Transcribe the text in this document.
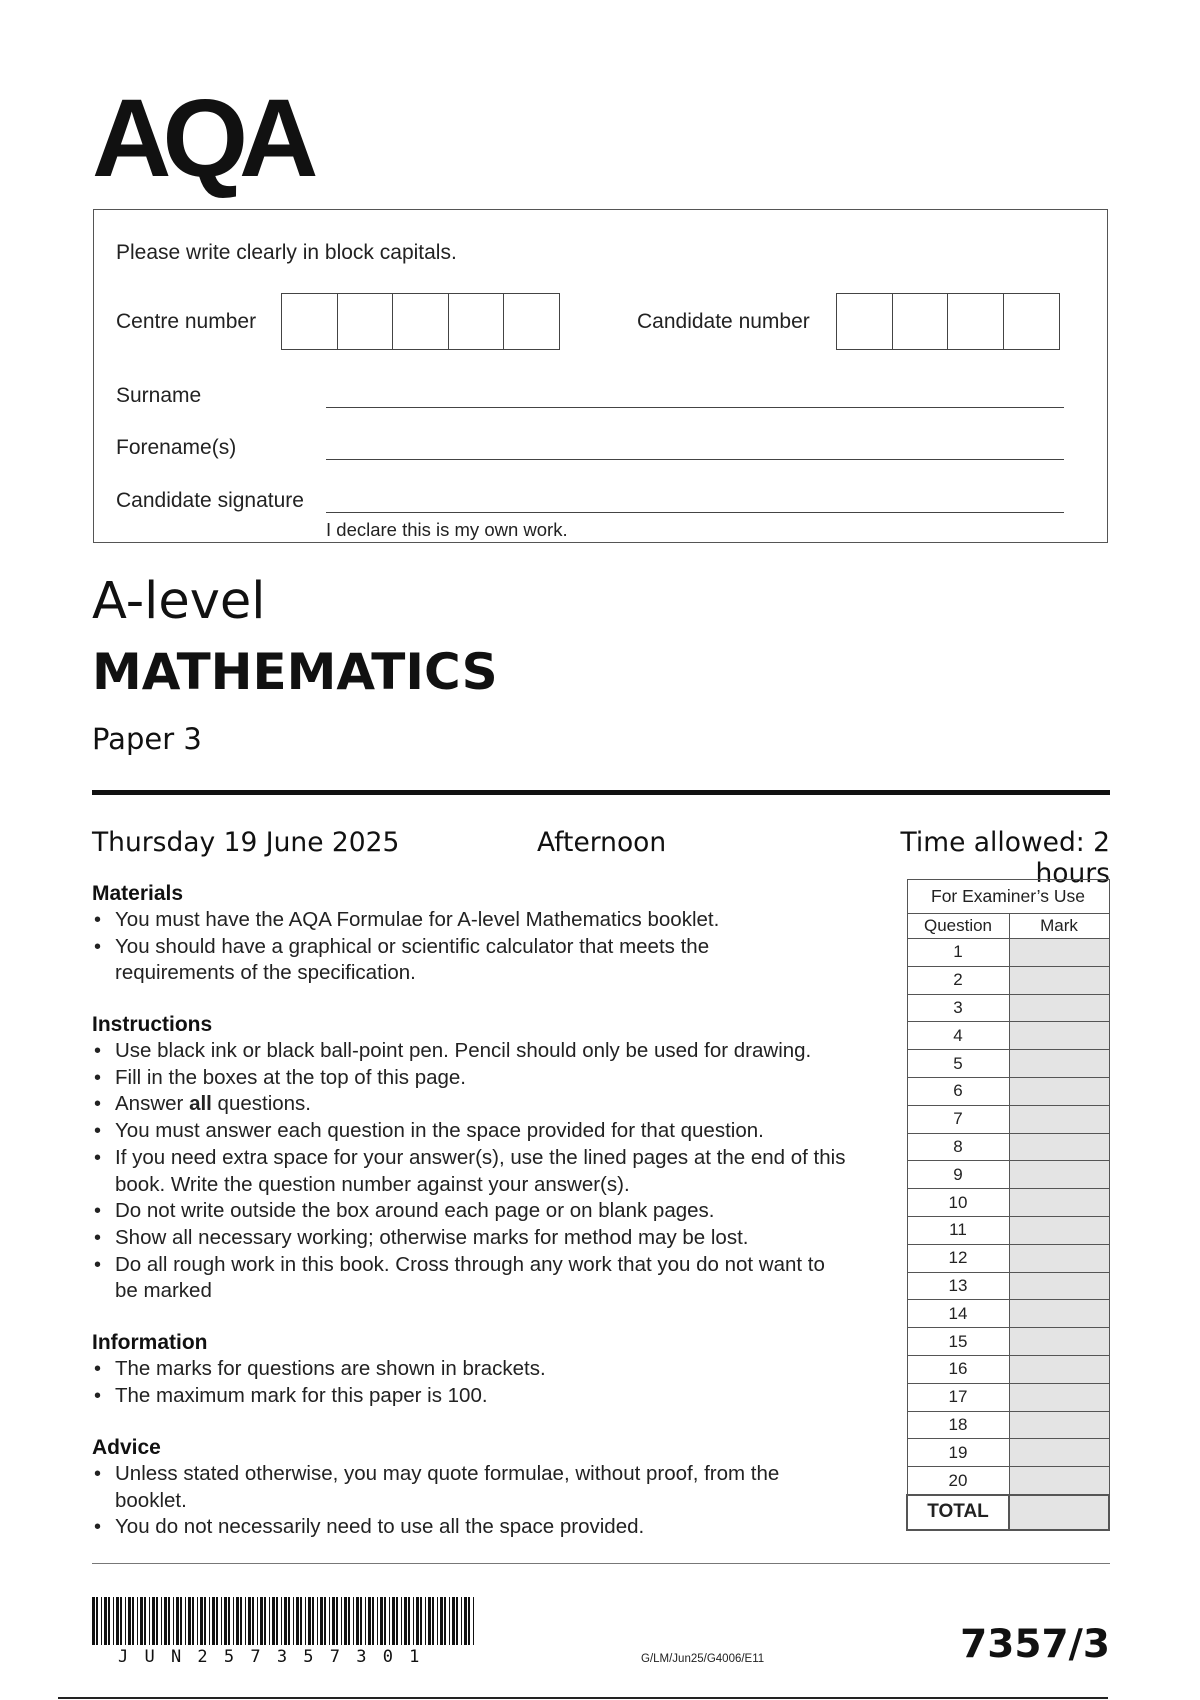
AQA
Please write clearly in block capitals.
Centre number	Candidate number
Surname
Forename(s)
Candidate signature
I declare this is my own work.
A-level
MATHEMATICS
Paper 3
Thursday 19 June 2025	Afternoon	Time allowed: 2 hours
Materials
• You must have the AQA Formulae for A-level Mathematics booklet.
• You should have a graphical or scientific calculator that meets the requirements of the specification.
Instructions
• Use black ink or black ball-point pen. Pencil should only be used for drawing.
• Fill in the boxes at the top of this page.
• Answer all questions.
• You must answer each question in the space provided for that question.
• If you need extra space for your answer(s), use the lined pages at the end of this book. Write the question number against your answer(s).
• Do not write outside the box around each page or on blank pages.
• Show all necessary working; otherwise marks for method may be lost.
• Do all rough work in this book. Cross through any work that you do not want to be marked
Information
• The marks for questions are shown in brackets.
• The maximum mark for this paper is 100.
Advice
• Unless stated otherwise, you may quote formulae, without proof, from the booklet.
• You do not necessarily need to use all the space provided.
For Examiner’s Use	
Question	Mark
1	
2	
3	
4	
5	
6	
7	
8	
9	
10	
11	
12	
13	
14	
15	
16	
17	
18	
19	
20	
TOTAL	
J U N 2 5 7 3 5 7 3 0 1	G/LM/Jun25/G4006/E11	7357/3
